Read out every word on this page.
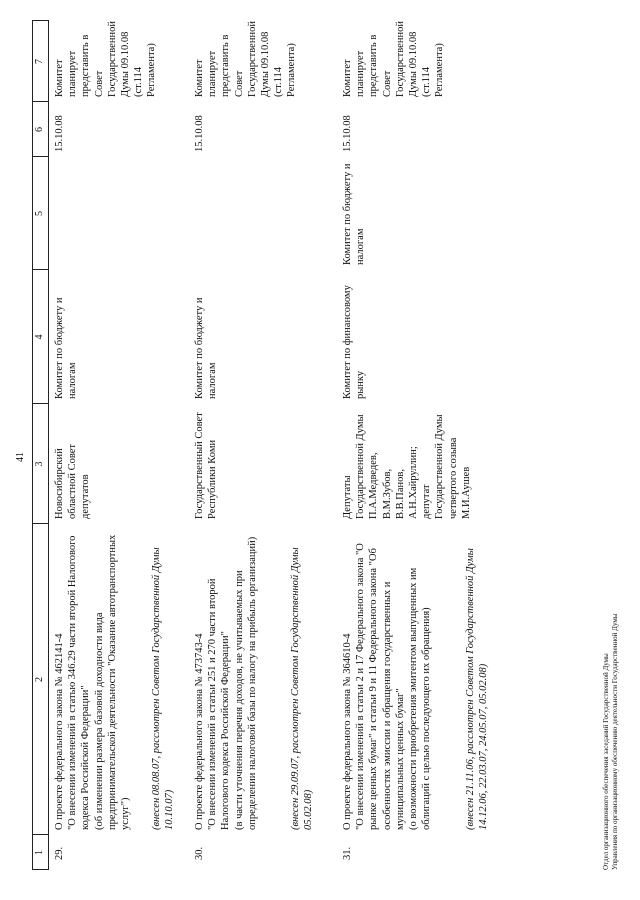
41
1
2
3
4
5
6
7
29.
О проекте федерального закона № 462141-4
"О внесении изменений в статью 346.29 части второй Налогового кодекса Российской Федерации"
(об изменении размера базовой доходности вида предпринимательской деятельности "Оказание автотранспортных услуг") (внесен 08.08.07, рассмотрен Советом Государственной Думы 10.10.07)
Новосибирский областной Совет депутатов
Комитет по бюджету и налогам
15.10.08
Комитет планирует представить в Совет Государственной Думы 09.10.08
(ст.114 Регламента)
30.
О проекте федерального закона № 473743-4
"О внесении изменений в статьи 251 и 270 части второй Налогового кодекса Российской Федерации"
(в части уточнения перечня доходов, не учитываемых при определении налоговой базы по налогу на прибыль организаций)	(внесен 29.09.07, рассмотрен Советом Государственной Думы 05.02.08)
Государственный Совет Республики Коми
Комитет по бюджету и налогам
15.10.08
Комитет планирует представить в Совет Государственной Думы 09.10.08
(ст.114 Регламента)
31.
О проекте федерального закона № 364610-4
"О внесении изменений в статьи 2 и 17 Федерального закона "О рынке ценных бумаг" и статьи 9 и 11 Федерального закона "Об особенностях эмиссии и обращения государственных и муниципальных ценных бумаг"
(о возможности приобретения эмитентом выпущенных им облигаций с целью последующего их обращения)	(внесен 21.11.06, рассмотрен Советом Государственной Думы 14.12.06, 22.03.07, 24.05.07, 05.02.08)
Депутаты Государственной Думы
П.А.Медведев,
В.М.Зубов,
В.В.Панов,
А.Н.Хайруллин;
депутат Государственной Думы четвертого созыва
М.И.Аушев
Комитет по финансовому рынку
Комитет по бюджету и налогам
15.10.08
Комитет планирует представить в Совет Государственной Думы 09.10.08
(ст.114 Регламента)
Отдел организационного обеспечения заседаний Государственной Думы Управления по организационному обеспечению деятельности Государственной Думы
